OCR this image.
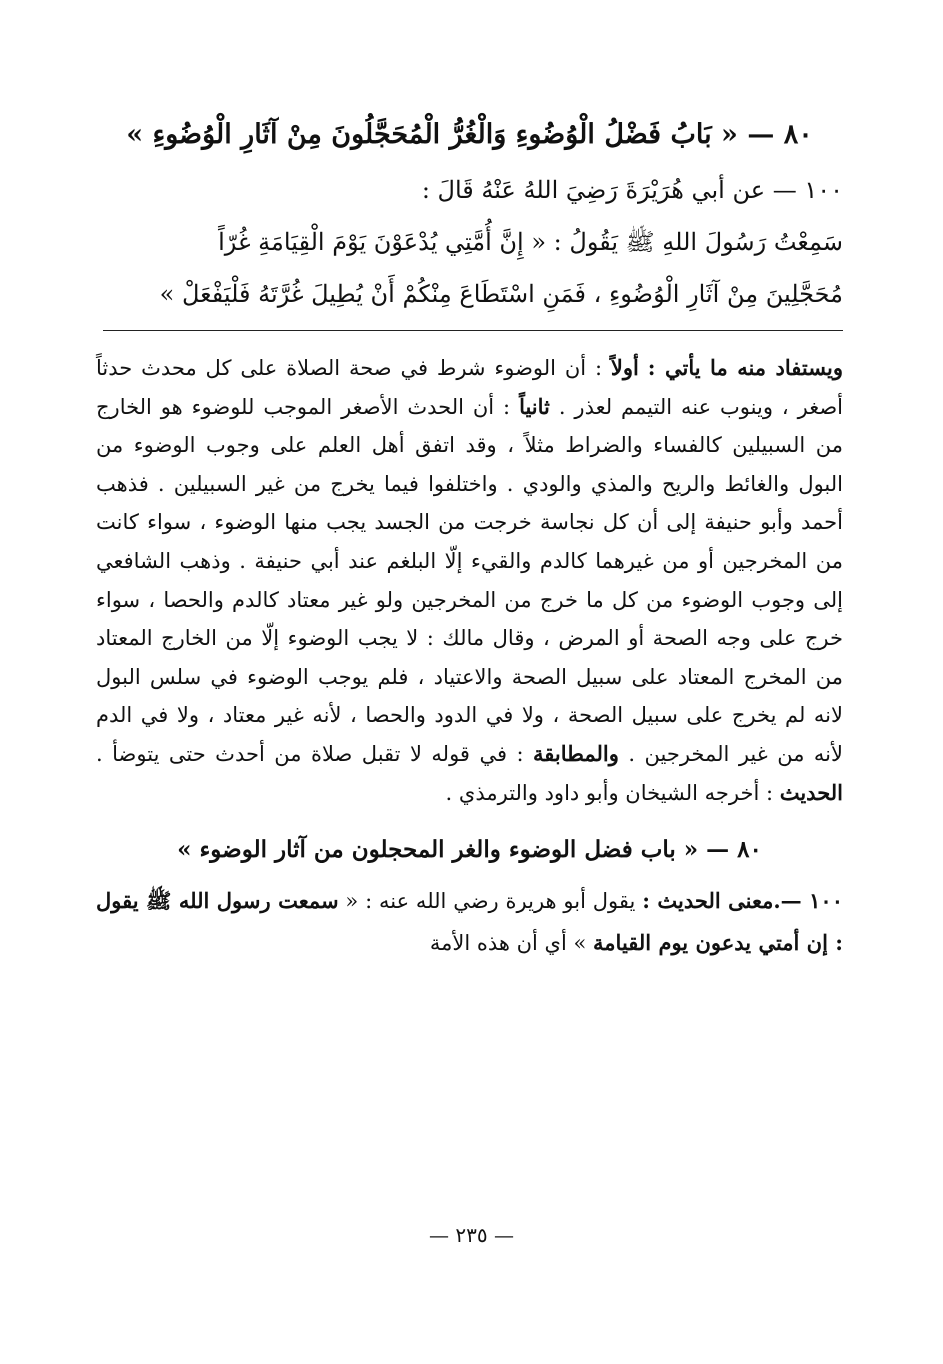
٨٠ — « بَابُ فَضْلُ الْوُضُوءِ وَالْغُرُّ الْمُحَجَّلُونَ مِنْ آثَارِ الْوُضُوءِ »

١٠٠ — عن أبي هُرَيْرَةَ رَضِيَ اللهُ عَنْهُ قَالَ :

سَمِعْتُ رَسُولَ اللهِ ﷺ يَقُولُ : « إِنَّ أُمَّتِي يُدْعَوْنَ يَوْمَ الْقِيَامَةِ غُرّاً

مُحَجَّلِينَ مِنْ آثَارِ الْوُضُوءِ ، فَمَنِ اسْتَطَاعَ مِنْكُمْ أَنْ يُطِيلَ غُرَّتَهُ فَلْيَفْعَلْ »

ويستفاد منه ما يأتي : أولاً : أن الوضوء شرط في صحة الصلاة على كل محدث حدثاً أصغر ، وينوب عنه التيمم لعذر . ثانياً : أن الحدث الأصغر الموجب للوضوء هو الخارج من السبيلين كالفساء والضراط مثلاً ، وقد اتفق أهل العلم على وجوب الوضوء من البول والغائط والريح والمذي والودي . واختلفوا فيما يخرج من غير السبيلين . فذهب أحمد وأبو حنيفة إلى أن كل نجاسة خرجت من الجسد يجب منها الوضوء ، سواء كانت من المخرجين أو من غيرهما كالدم والقيء إلّا البلغم عند أبي حنيفة . وذهب الشافعي إلى وجوب الوضوء من كل ما خرج من المخرجين ولو غير معتاد كالدم والحصا ، سواء خرج على وجه الصحة أو المرض ، وقال مالك : لا يجب الوضوء إلّا من الخارج المعتاد من المخرج المعتاد على سبيل الصحة والاعتياد ، فلم يوجب الوضوء في سلس البول لانه لم يخرج على سبيل الصحة ، ولا في الدود والحصا ، لأنه غير معتاد ، ولا في الدم لأنه من غير المخرجين . والمطابقة : في قوله لا تقبل صلاة من أحدث حتى يتوضأ . الحديث : أخرجه الشيخان وأبو داود والترمذي .

٨٠ — « باب فضل الوضوء والغر المحجلون من آثار الوضوء »

١٠٠ —.معنى الحديث : يقول أبو هريرة رضي الله عنه : « سمعت رسول الله ﷺ يقول : إن أمتي يدعون يوم القيامة » أي أن هذه الأمة

— ٢٣٥ —
